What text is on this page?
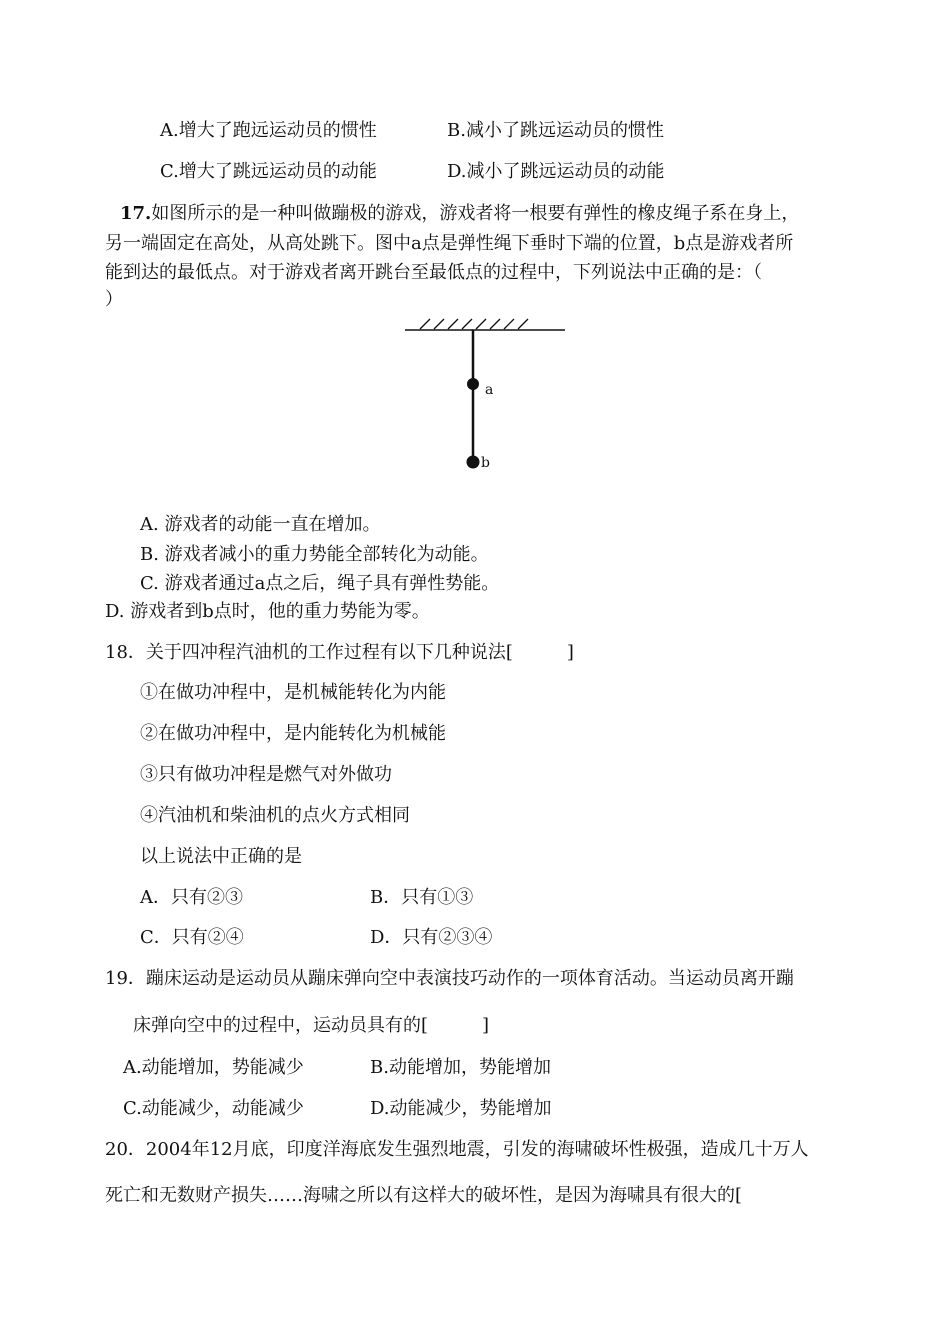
A.增大了跑远运动员的惯性	B.减小了跳远运动员的惯性
C.增大了跳远运动员的动能	D.减小了跳远运动员的动能
17.如图所示的是一种叫做蹦极的游戏，游戏者将一根要有弹性的橡皮绳子系在身上，
另一端固定在高处，从高处跳下。图中a点是弹性绳下垂时下端的位置，b点是游戏者所
能到达的最低点。对于游戏者离开跳台至最低点的过程中，下列说法中正确的是：（
）
a
b
A. 游戏者的动能一直在增加。
B. 游戏者减小的重力势能全部转化为动能。
C. 游戏者通过a点之后，绳子具有弹性势能。
D. 游戏者到b点时，他的重力势能为零。
18．关于四冲程汽油机的工作过程有以下几种说法[　　　]
①在做功冲程中，是机械能转化为内能
②在做功冲程中，是内能转化为机械能
③只有做功冲程是燃气对外做功
④汽油机和柴油机的点火方式相同
以上说法中正确的是
A．只有②③	B．只有①③
C．只有②④	D．只有②③④
19．蹦床运动是运动员从蹦床弹向空中表演技巧动作的一项体育活动。当运动员离开蹦
床弹向空中的过程中，运动员具有的[　　　]
A.动能增加，势能减少	B.动能增加，势能增加
C.动能减少，动能减少	D.动能减少，势能增加
20．2004年12月底，印度洋海底发生强烈地震，引发的海啸破坏性极强，造成几十万人
死亡和无数财产损失……海啸之所以有这样大的破坏性，是因为海啸具有很大的[
